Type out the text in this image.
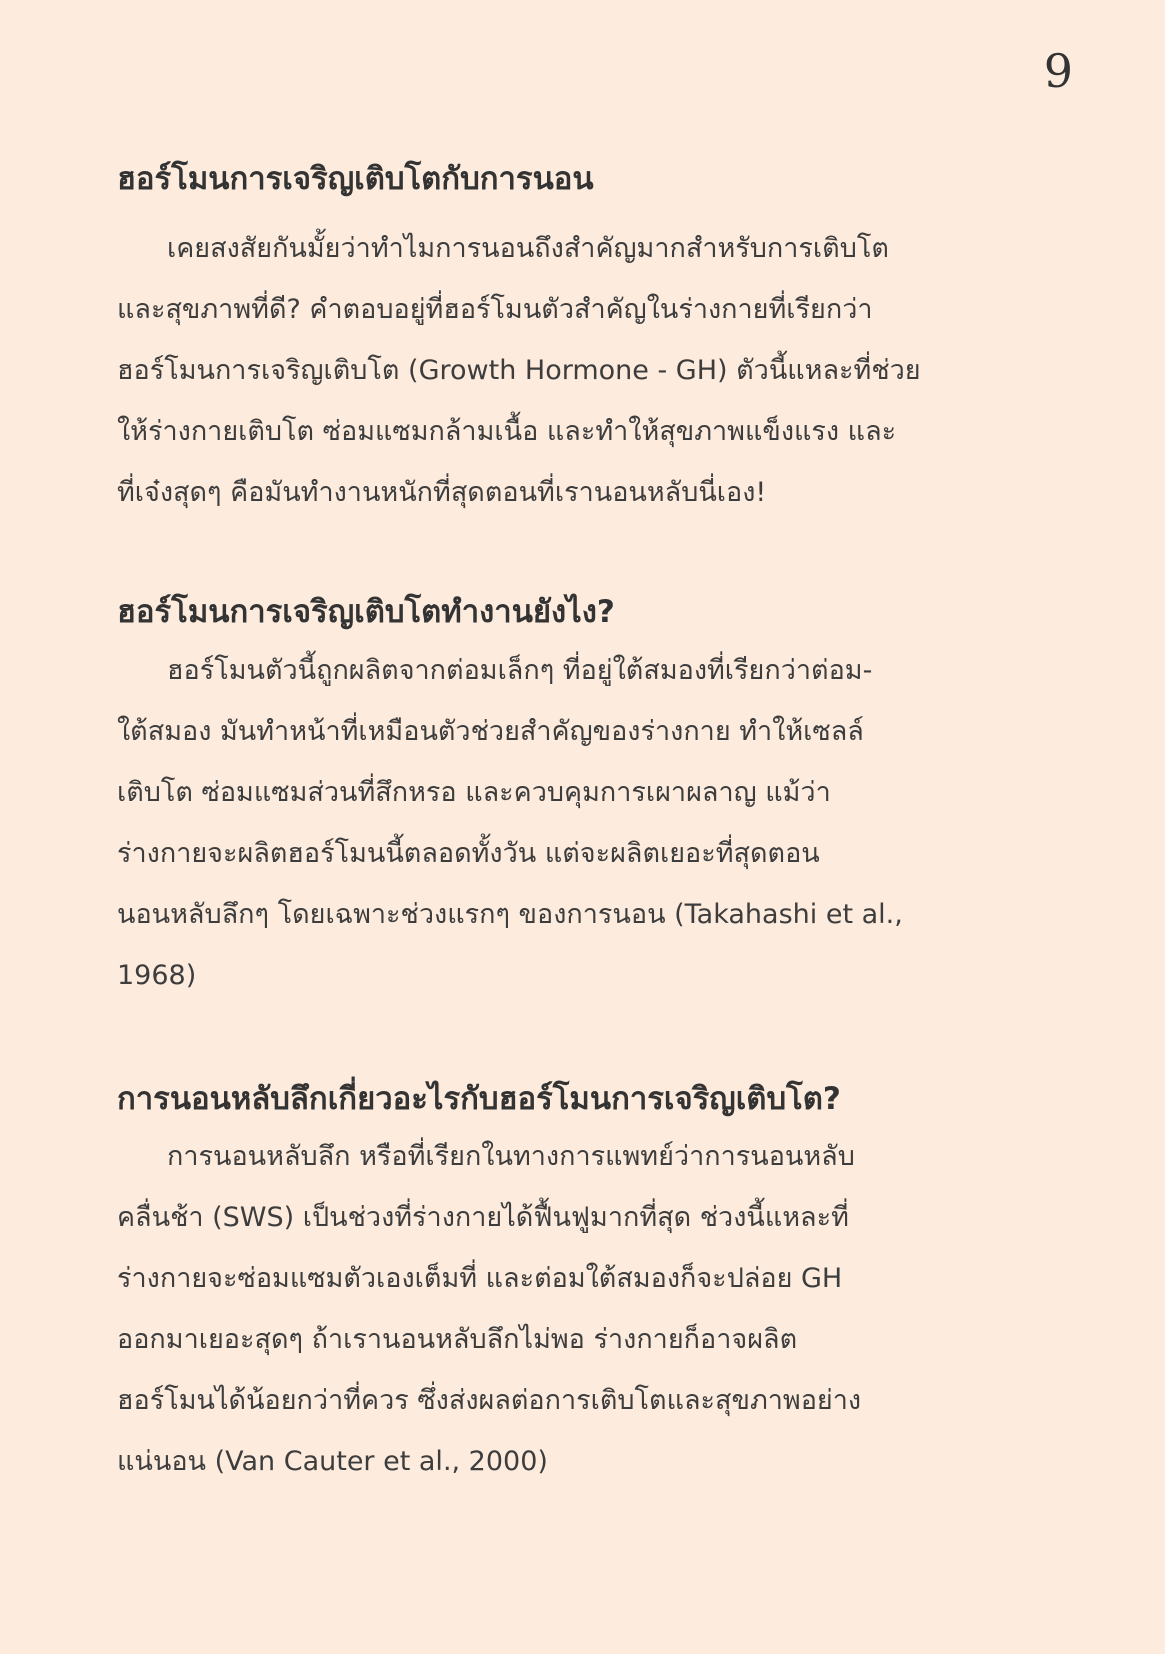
9
ฮอร์โมนการเจริญเติบโตกับการนอน

เคยสงสัยกันมั้ยว่าทำไมการนอนถึงสำคัญมากสำหรับการเติบโต
และสุขภาพที่ดี? คำตอบอยู่ที่ฮอร์โมนตัวสำคัญในร่างกายที่เรียกว่า
ฮอร์โมนการเจริญเติบโต (Growth Hormone - GH) ตัวนี้แหละที่ช่วย
ให้ร่างกายเติบโต ซ่อมแซมกล้ามเนื้อ และทำให้สุขภาพแข็งแรง และ
ที่เจ๋งสุดๆ คือมันทำงานหนักที่สุดตอนที่เรานอนหลับนี่เอง!

ฮอร์โมนการเจริญเติบโตทำงานยังไง?

ฮอร์โมนตัวนี้ถูกผลิตจากต่อมเล็กๆ ที่อยู่ใต้สมองที่เรียกว่าต่อม-
ใต้สมอง มันทำหน้าที่เหมือนตัวช่วยสำคัญของร่างกาย ทำให้เซลล์
เติบโต ซ่อมแซมส่วนที่สึกหรอ และควบคุมการเผาผลาญ แม้ว่า
ร่างกายจะผลิตฮอร์โมนนี้ตลอดทั้งวัน แต่จะผลิตเยอะที่สุดตอน
นอนหลับลึกๆ โดยเฉพาะช่วงแรกๆ ของการนอน (Takahashi et al.,
1968)

การนอนหลับลึกเกี่ยวอะไรกับฮอร์โมนการเจริญเติบโต?

การนอนหลับลึก หรือที่เรียกในทางการแพทย์ว่าการนอนหลับ
คลื่นช้า (SWS) เป็นช่วงที่ร่างกายได้ฟื้นฟูมากที่สุด ช่วงนี้แหละที่
ร่างกายจะซ่อมแซมตัวเองเต็มที่ และต่อมใต้สมองก็จะปล่อย GH
ออกมาเยอะสุดๆ ถ้าเรานอนหลับลึกไม่พอ ร่างกายก็อาจผลิต
ฮอร์โมนได้น้อยกว่าที่ควร ซึ่งส่งผลต่อการเติบโตและสุขภาพอย่าง
แน่นอน (Van Cauter et al., 2000)
